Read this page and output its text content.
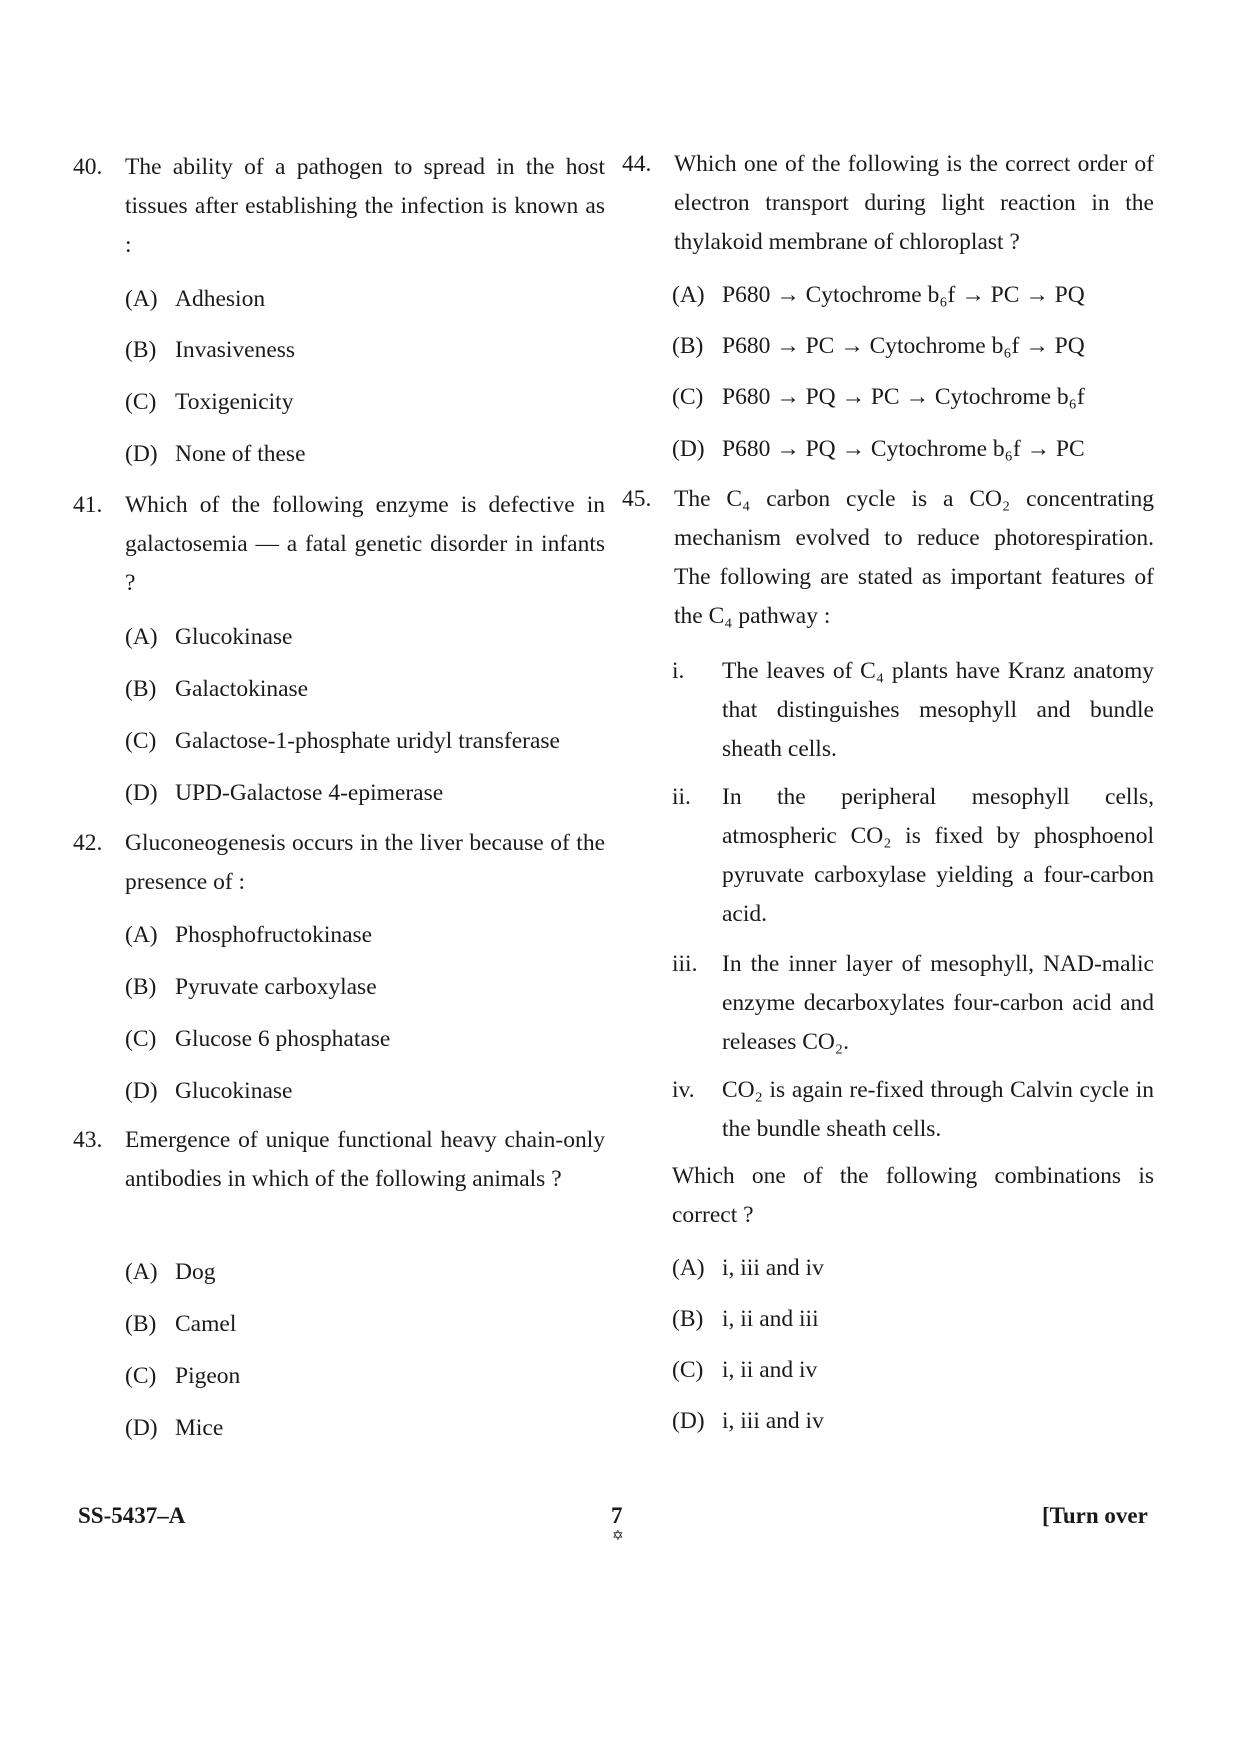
40. The ability of a pathogen to spread in the host tissues after establishing the infection is known as :
(A) Adhesion
(B) Invasiveness
(C) Toxigenicity
(D) None of these
41. Which of the following enzyme is defective in galactosemia — a fatal genetic disorder in infants ?
(A) Glucokinase
(B) Galactokinase
(C) Galactose-1-phosphate uridyl transferase
(D) UPD-Galactose 4-epimerase
42. Gluconeogenesis occurs in the liver because of the presence of :
(A) Phosphofructokinase
(B) Pyruvate carboxylase
(C) Glucose 6 phosphatase
(D) Glucokinase
43. Emergence of unique functional heavy chain-only antibodies in which of the following animals ?
(A) Dog
(B) Camel
(C) Pigeon
(D) Mice
44. Which one of the following is the correct order of electron transport during light reaction in the thylakoid membrane of chloroplast ?
(A) P680 → Cytochrome b₆f → PC → PQ
(B) P680 → PC → Cytochrome b₆f → PQ
(C) P680 → PQ → PC → Cytochrome b₆f
(D) P680 → PQ → Cytochrome b₆f → PC
45. The C₄ carbon cycle is a CO₂ concentrating mechanism evolved to reduce photorespiration. The following are stated as important features of the C₄ pathway :
i. The leaves of C₄ plants have Kranz anatomy that distinguishes mesophyll and bundle sheath cells.
ii. In the peripheral mesophyll cells, atmospheric CO₂ is fixed by phosphoenol pyruvate carboxylase yielding a four-carbon acid.
iii. In the inner layer of mesophyll, NAD-malic enzyme decarboxylates four-carbon acid and releases CO₂.
iv. CO₂ is again re-fixed through Calvin cycle in the bundle sheath cells.
Which one of the following combinations is correct ?
(A) i, iii and iv
(B) i, ii and iii
(C) i, ii and iv
(D) i, iii and iv
SS-5437–A	7
✡
[Turn over
